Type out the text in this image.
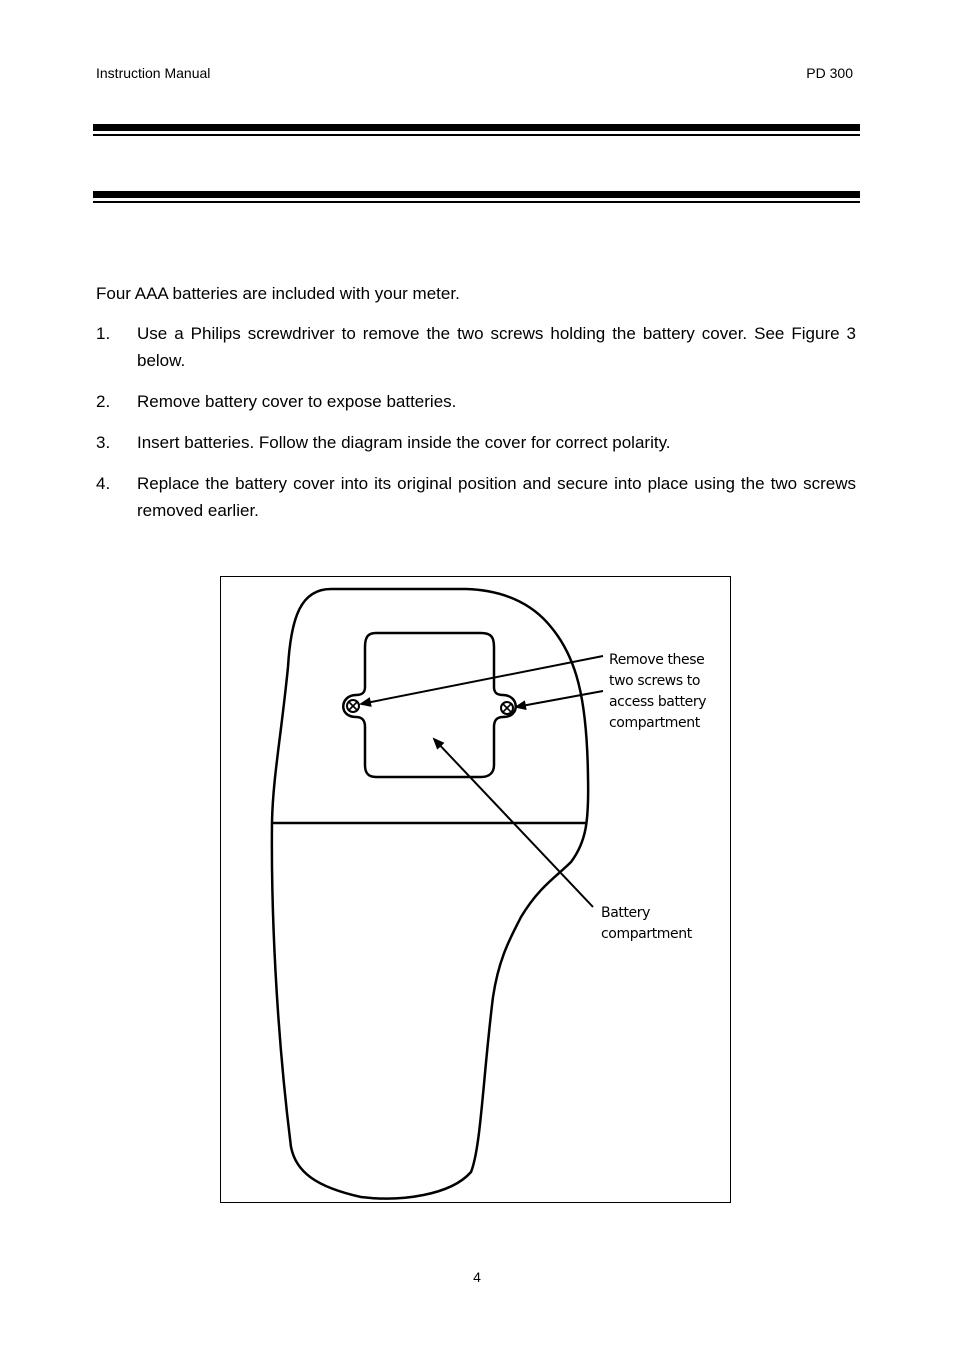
Instruction Manual	PD 300
Four AAA batteries are included with your meter.
1. Use a Philips screwdriver to remove the two screws holding the battery cover. See Figure 3 below.
2. Remove battery cover to expose batteries.
3. Insert batteries. Follow the diagram inside the cover for correct polarity.
4. Replace the battery cover into its original position and secure into place using the two screws removed earlier.
Remove these
two screws to
access battery
compartment
Battery
compartment
4
